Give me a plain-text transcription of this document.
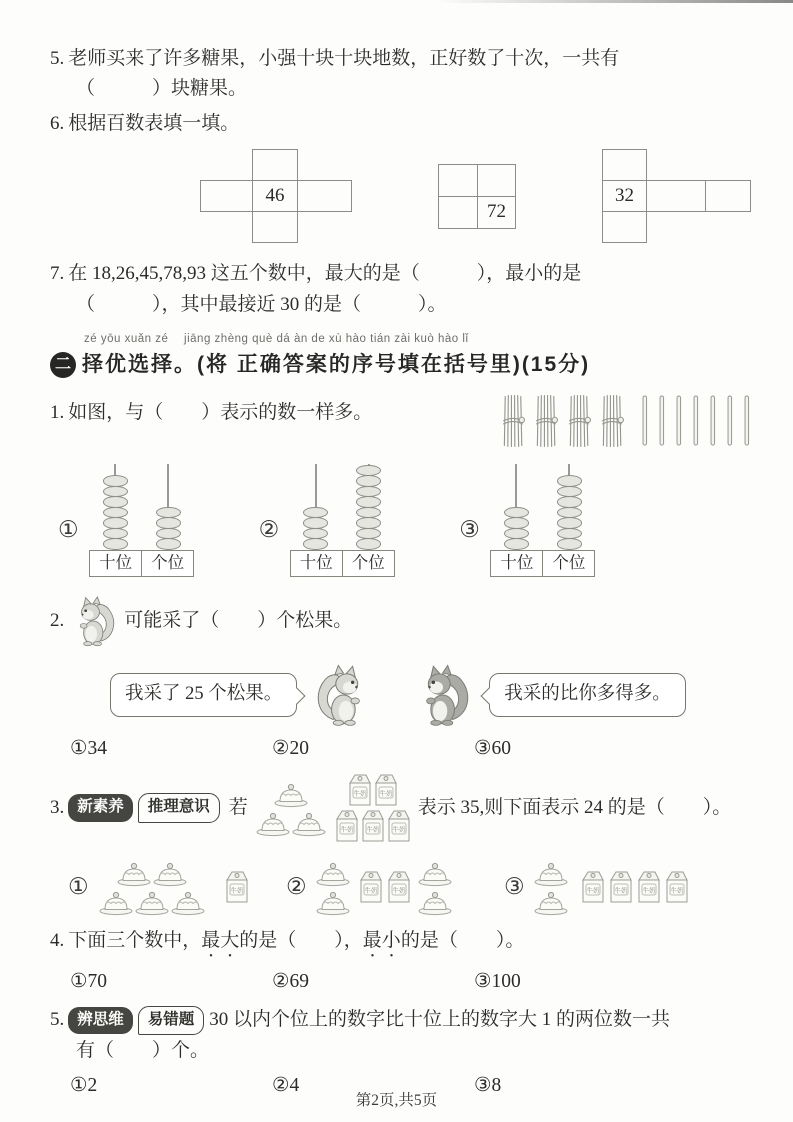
5. 老师买来了许多糖果，小强十块十块地数，正好数了十次，一共有
（　　　）块糖果。
6. 根据百数表填一填。
46
72
32
7. 在 18,26,45,78,93 这五个数中，最大的是（　　　），最小的是
（　　　），其中最接近 30 的是（　　　）。
zé yōu xuǎn zé　 jiāng zhèng què dá àn de xù hào tián zài kuò hào lǐ
二 择优选择。(将 正确答案的序号填在括号里)(15分)
1. 如图，与（　　）表示的数一样多。
①
十位	个位
②
十位	个位
③
十位	个位
2.	可能采了（　　）个松果。
我采了 25 个松果。	我采的比你多得多。
①34	②20	③60
3. 新素养	推理意识	若
牛奶 牛奶 牛奶
牛奶 牛奶
表示 35,则下面表示 24 的是（　　）。
①	牛奶 ②	牛奶 牛奶	③	牛奶 牛奶 牛奶 牛奶
4. 下面三个数中，最大的是（　　），最小的是（　　）。
①70	②69	③100
5. 辨思维	易错题 30 以内个位上的数字比十位上的数字大 1 的两位数一共
有（　　）个。
①2	②4	③8
第2页,共5页
